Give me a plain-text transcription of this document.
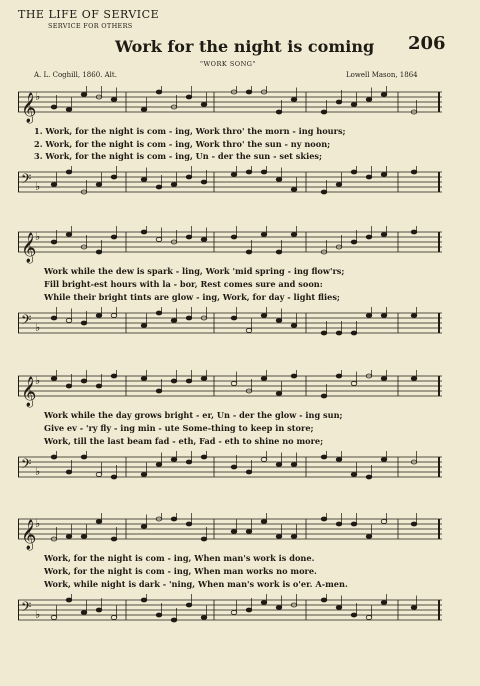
THE LIFE OF SERVICE
SERVICE FOR OTHERS
Work for the night is coming 206
"WORK SONG"
A. L. Coghill, 1860. Alt.	Lowell Mason, 1864
𝄞
♭
1. Work, for the night is com - ing, Work thro' the morn - ing hours;
2. Work, for the night is com - ing, Work thro' the sun - ny noon;
3. Work, for the night is com - ing, Un - der the sun - set skies;
𝄢 ♭
𝄞
♭
Work while the dew is spark - ling, Work 'mid spring - ing flow'rs;
Fill bright-est hours with la - bor, Rest comes sure and soon:
While their bright tints are glow - ing, Work, for day - light flies;
𝄢 ♭
𝄞
♭
Work while the day grows bright - er, Un - der the glow - ing sun;
Give ev - 'ry fly - ing min - ute Some-thing to keep in store;
Work, till the last beam fad - eth, Fad - eth to shine no more;
𝄢 ♭
𝄞
♭
Work, for the night is com - ing, When man's work is done.
Work, for the night is com - ing, When man works no more.
Work, while night is dark - 'ning, When man's work is o'er. A-men.
𝄢 ♭
